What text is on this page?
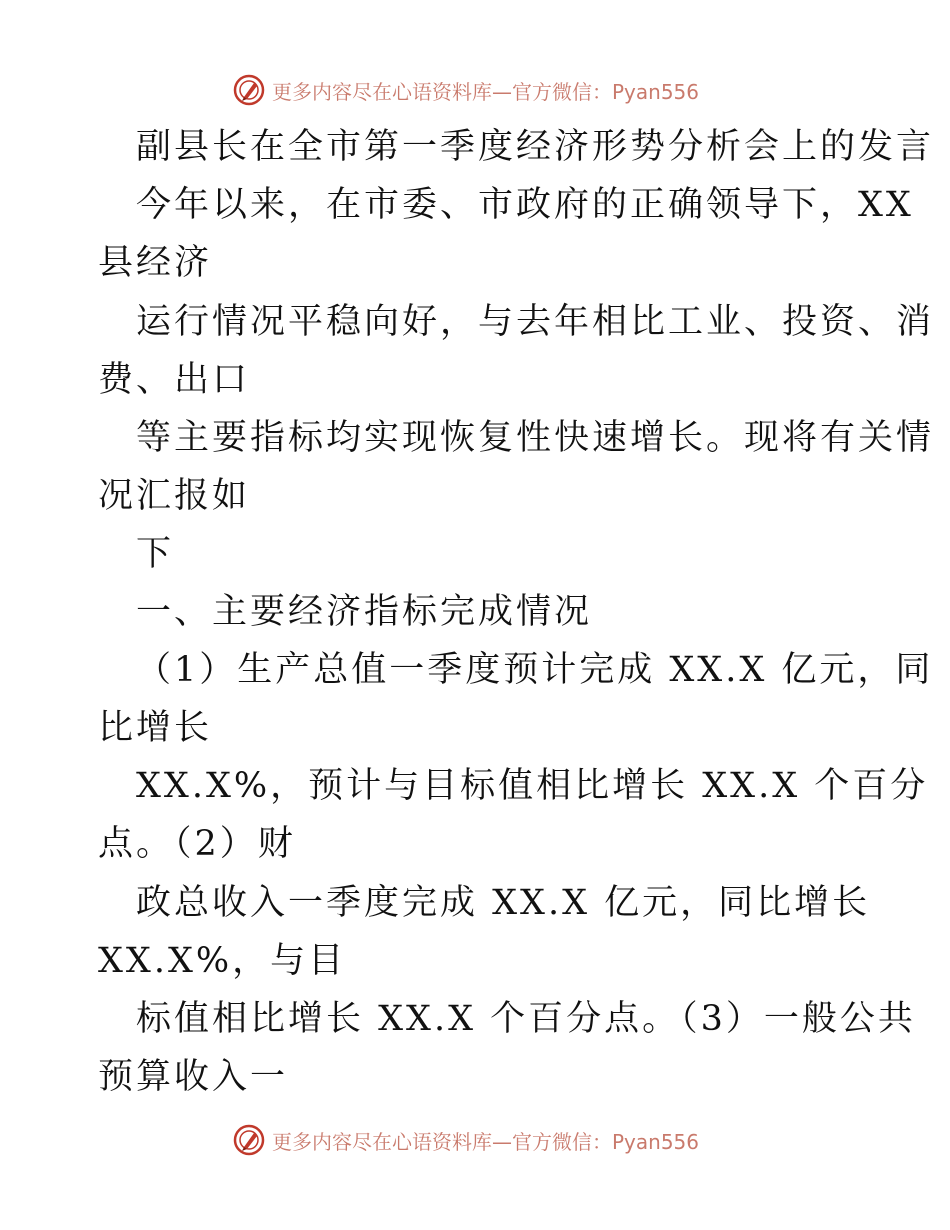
更多内容尽在心语资料库—官方微信：Pyan556
副县长在全市第一季度经济形势分析会上的发言
今年以来，在市委、市政府的正确领导下，XX
县经济
运行情况平稳向好，与去年相比工业、投资、消
费、出口
等主要指标均实现恢复性快速增长。现将有关情
况汇报如
下
一、主要经济指标完成情况
（1）生产总值一季度预计完成 XX.X 亿元，同
比增长
XX.X%，预计与目标值相比增长 XX.X 个百分
点。（2）财
政总收入一季度完成 XX.X 亿元，同比增长
XX.X%，与目
标值相比增长 XX.X 个百分点。（3）一般公共
预算收入一
更多内容尽在心语资料库—官方微信：Pyan556
